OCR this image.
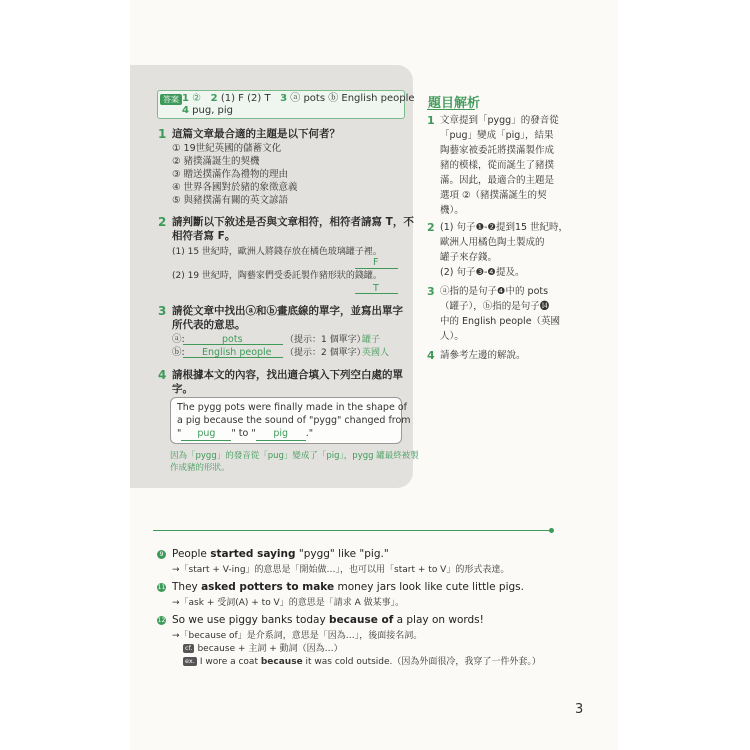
答案 1 ② 2 (1) F (2) T 3 ⓐ pots ⓑ English people
4 pug, pig
1 這篇文章最合適的主題是以下何者？
① 19世紀英國的儲蓄文化
② 豬撲滿誕生的契機
③ 贈送撲滿作為禮物的理由
④ 世界各國對於豬的象徵意義
⑤ 與豬撲滿有關的英文諺語
2 請判斷以下敘述是否與文章相符，相符者請寫 T，不
相符者寫 F。
(1) 15 世紀時，歐洲人將錢存放在橘色玻璃罐子裡。
F
(2) 19 世紀時，陶藝家們受委託製作豬形狀的錢罐。
T
3 請從文章中找出ⓐ和ⓑ畫底線的單字，並寫出單字
所代表的意思。
ⓐ:	pots	（提示：1 個單字）
罐子
ⓑ: English people （提示：2 個單字）
英國人
4 請根據本文的內容，找出適合填入下列空白處的單
字。
The pygg pots were finally made in the shape of
a pig because the sound of "pygg" changed from
" pug " to " pig ."
因為「pygg」的發音從「pug」變成了「pig」，pygg 罐最終被製
作成豬的形狀。
題目解析
1 文章提到「pygg」的發音從
「pug」變成「pig」，結果
陶藝家被委託將撲滿製作成
豬的模樣，從而誕生了豬撲
滿。因此，最適合的主題是
選項 ②（豬撲滿誕生的契
機）。
2 (1) 句子❶-❷提到15 世紀時，
歐洲人用橘色陶土製成的
罐子來存錢。
(2) 句子❸-❹提及。
3 ⓐ指的是句子❹中的 pots
（罐子），ⓑ指的是句子⓮
中的 English people（英國
人）。
4 請參考左邊的解說。
9 People started saying "pygg" like "pig."
→「start + V-ing」的意思是「開始做…」，也可以用「start + to V」的形式表達。
11 They asked potters to make money jars look like cute little pigs.
→「ask + 受詞(A) + to V」的意思是「請求 A 做某事」。
12 So we use piggy banks today because of a play on words!
→「because of」是介系詞，意思是「因為…」，後面接名詞。
cf. because + 主詞 + 動詞（因為…）
ex. I wore a coat because it was cold outside.（因為外面很冷，我穿了一件外套。）
3
